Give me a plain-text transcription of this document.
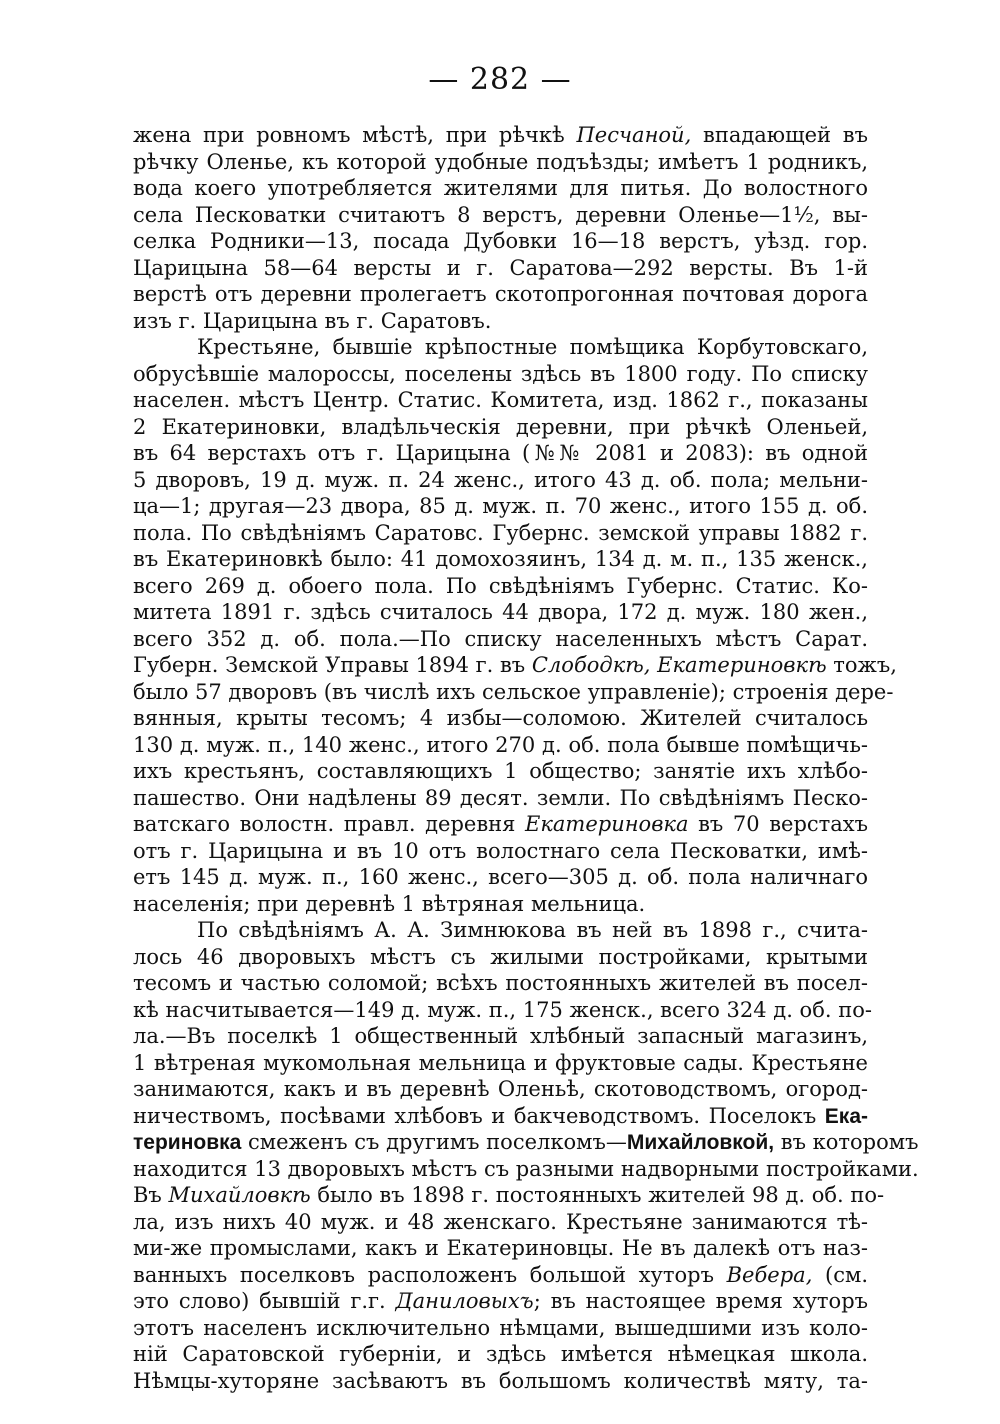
— 282 —
жена при ровномъ мѣстѣ, при рѣчкѣ Песчаной, впадающей въ
рѣчку Оленье, къ которой удобные подъѣзды; имѣетъ 1 родникъ,
вода коего употребляется жителями для питья. До волостного
села Песковатки считаютъ 8 верстъ, деревни Оленье—1½, вы-
селка Родники—13, посада Дубовки 16—18 верстъ, уѣзд. гор.
Царицына 58—64 версты и г. Саратова—292 версты. Въ 1-й
верстѣ отъ деревни пролегаетъ скотопрогонная почтовая дорога
изъ г. Царицына въ г. Саратовъ.
Крестьяне, бывшіе крѣпостные помѣщика Корбутовскаго,
обрусѣвшіе малороссы, поселены здѣсь въ 1800 году. По списку
населен. мѣстъ Центр. Статис. Комитета, изд. 1862 г., показаны
2 Екатериновки, владѣльческія деревни, при рѣчкѣ Оленьей,
въ 64 верстахъ отъ г. Царицына (№№ 2081 и 2083): въ одной
5 дворовъ, 19 д. муж. п. 24 женс., итого 43 д. об. пола; мельни-
ца—1; другая—23 двора, 85 д. муж. п. 70 женс., итого 155 д. об.
пола. По свѣдѣніямъ Саратовс. Губернс. земской управы 1882 г.
въ Екатериновкѣ было: 41 домохозяинъ, 134 д. м. п., 135 женск.,
всего 269 д. обоего пола. По свѣдѣніямъ Губернс. Статис. Ко-
митета 1891 г. здѣсь считалось 44 двора, 172 д. муж. 180 жен.,
всего 352 д. об. пола.—По списку населенныхъ мѣстъ Сарат.
Губерн. Земской Управы 1894 г. въ Слободкѣ, Екатериновкѣ тожъ,
было 57 дворовъ (въ числѣ ихъ сельское управленіе); строенія дере-
вянныя, крыты тесомъ; 4 избы—соломою. Жителей считалось
130 д. муж. п., 140 женс., итого 270 д. об. пола бывше помѣщичь-
ихъ крестьянъ, составляющихъ 1 общество; занятіе ихъ хлѣбо-
пашество. Они надѣлены 89 десят. земли. По свѣдѣніямъ Песко-
ватскаго волостн. правл. деревня Екатериновка въ 70 верстахъ
отъ г. Царицына и въ 10 отъ волостнаго села Песковатки, имѣ-
етъ 145 д. муж. п., 160 женс., всего—305 д. об. пола наличнаго
населенія; при деревнѣ 1 вѣтряная мельница.
По свѣдѣніямъ А. А. Зимнюкова въ ней въ 1898 г., счита-
лось 46 дворовыхъ мѣстъ съ жилыми постройками, крытыми
тесомъ и частью соломой; всѣхъ постоянныхъ жителей въ посел-
кѣ насчитывается—149 д. муж. п., 175 женск., всего 324 д. об. по-
ла.—Въ поселкѣ 1 общественный хлѣбный запасный магазинъ,
1 вѣтреная мукомольная мельница и фруктовые сады. Крестьяне
занимаются, какъ и въ деревнѣ Оленьѣ, скотоводствомъ, огород-
ничествомъ, посѣвами хлѣбовъ и бакчеводствомъ. Поселокъ Ека-
териновка смеженъ съ другимъ поселкомъ—Михайловкой, въ которомъ
находится 13 дворовыхъ мѣстъ съ разными надворными постройками.
Въ Михайловкѣ было въ 1898 г. постоянныхъ жителей 98 д. об. по-
ла, изъ нихъ 40 муж. и 48 женскаго. Крестьяне занимаются тѣ-
ми-же промыслами, какъ и Екатериновцы. Не въ далекѣ отъ наз-
ванныхъ поселковъ расположенъ большой хуторъ Вебера, (см.
это слово) бывшій г.г. Даниловыхъ; въ настоящее время хуторъ
этотъ населенъ исключительно нѣмцами, вышедшими изъ коло-
ній Саратовской губерніи, и здѣсь имѣется нѣмецкая школа.
Нѣмцы-хуторяне засѣваютъ въ большомъ количествѣ мяту, та-
